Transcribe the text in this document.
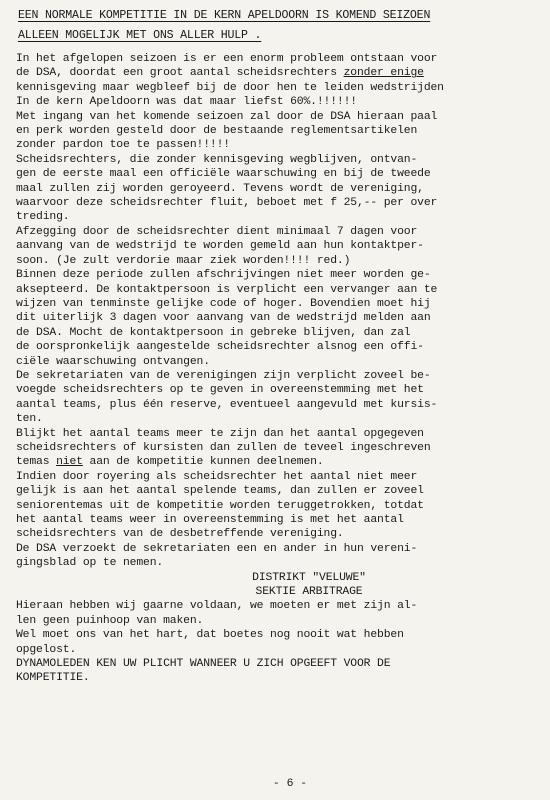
EEN NORMALE KOMPETITIE IN DE KERN APELDOORN IS KOMEND SEIZOEN
ALLEEN MOGELIJK MET ONS ALLER HULP .
In het afgelopen seizoen is er een enorm probleem ontstaan voor
de DSA, doordat een groot aantal scheidsrechters zonder enige
kennisgeving maar wegbleef bij de door hen te leiden wedstrijden
In de kern Apeldoorn was dat maar liefst 60%.!!!!!!
Met ingang van het komende seizoen zal door de DSA hieraan paal
en perk worden gesteld door de bestaande reglementsartikelen
zonder pardon toe te passen!!!!!
Scheidsrechters, die zonder kennisgeving wegblijven, ontvan-
gen de eerste maal een officiële waarschuwing en bij de tweede
maal zullen zij worden geroyeerd. Tevens wordt de vereniging,
waarvoor deze scheidsrechter fluit, beboet met f 25,-- per over
treding.
Afzegging door de scheidsrechter dient minimaal 7 dagen voor
aanvang van de wedstrijd te worden gemeld aan hun kontaktper-
soon. (Je zult verdorie maar ziek worden!!!! red.)
Binnen deze periode zullen afschrijvingen niet meer worden ge-
aksepteerd. De kontaktpersoon is verplicht een vervanger aan te
wijzen van tenminste gelijke code of hoger. Bovendien moet hij
dit uiterlijk 3 dagen voor aanvang van de wedstrijd melden aan
de DSA. Mocht de kontaktpersoon in gebreke blijven, dan zal
de oorspronkelijk aangestelde scheidsrechter alsnog een offi-
ciële waarschuwing ontvangen.
De sekretariaten van de verenigingen zijn verplicht zoveel be-
voegde scheidsrechters op te geven in overeenstemming met het
aantal teams, plus één reserve, eventueel aangevuld met kursis-
ten.
Blijkt het aantal teams meer te zijn dan het aantal opgegeven
scheidsrechters of kursisten dan zullen de teveel ingeschreven
temas niet aan de kompetitie kunnen deelnemen.
Indien door royering als scheidsrechter het aantal niet meer
gelijk is aan het aantal spelende teams, dan zullen er zoveel
seniorentemas uit de kompetitie worden teruggetrokken, totdat
het aantal teams weer in overeenstemming is met het aantal
scheidsrechters van de desbetreffende vereniging.
De DSA verzoekt de sekretariaten een en ander in hun vereni-
gingsblad op te nemen.
DISTRIKT "VELUWE"
SEKTIE ARBITRAGE
Hieraan hebben wij gaarne voldaan, we moeten er met zijn al-
len geen puinhoop van maken.
Wel moet ons van het hart, dat boetes nog nooit wat hebben
opgelost.
DYNAMOLEDEN KEN UW PLICHT WANNEER U ZICH OPGEEFT VOOR DE
KOMPETITIE.
- 6 -
